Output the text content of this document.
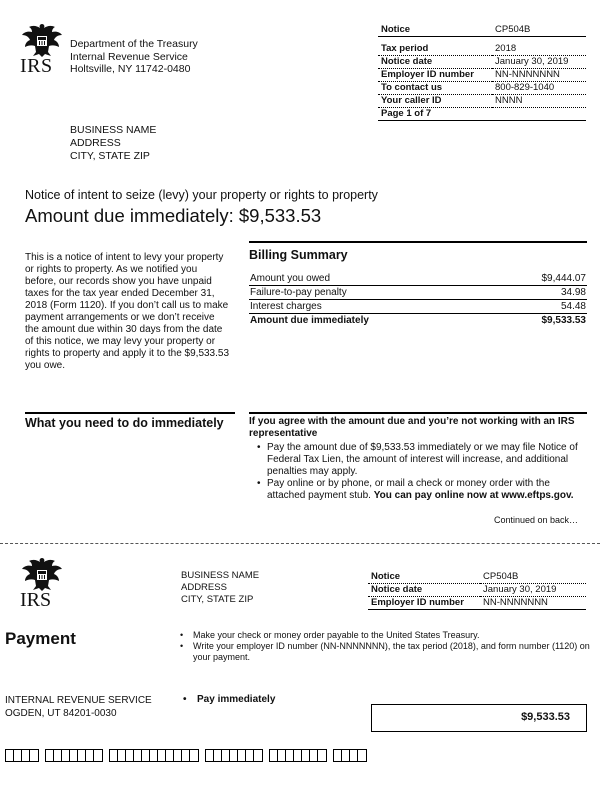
IRS
Department of the Treasury
Internal Revenue Service
Holtsville, NY 11742-0480
Notice	CP504B

Tax period	2018
Notice date	January 30, 2019
Employer ID number	NN-NNNNNNN
To contact us	800-829-1040
Your caller ID	NNNN
Page 1 of 7	
BUSINESS NAME
ADDRESS
CITY, STATE ZIP
Notice of intent to seize (levy) your property or rights to property
Amount due immediately: $9,533.53
This is a notice of intent to levy your property or rights to property. As we notified you before, our records show you have unpaid taxes for the tax year ended December 31, 2018 (Form 1120). If you don’t call us to make payment arrangements or we don’t receive the amount due within 30 days from the date of this notice, we may levy your property or rights to property and apply it to the $9,533.53 you owe.
Billing Summary
Amount you owed	$9,444.07
Failure-to-pay penalty	34.98
Interest charges	54.48
Amount due immediately	$9,533.53
What you need to do immediately	If you agree with the amount due and you’re not working with an IRS representative
• Pay the amount due of $9,533.53 immediately or we may file Notice of Federal Tax Lien, the amount of interest will increase, and additional penalties may apply.
• Pay online or by phone, or mail a check or money order with the attached payment stub. You can pay online now at www.eftps.gov.
Continued on back…
IRS
BUSINESS NAME
ADDRESS
CITY, STATE ZIP
Notice	CP504B
Notice date	January 30, 2019
Employer ID number	NN-NNNNNNN
Payment	• Make your check or money order payable to the United States Treasury.
• Write your employer ID number (NN-NNNNNNN), the tax period (2018), and form number (1120) on your payment.
INTERNAL REVENUE SERVICE
OGDEN, UT 84201-0030
• Pay immediately
$9,533.53
